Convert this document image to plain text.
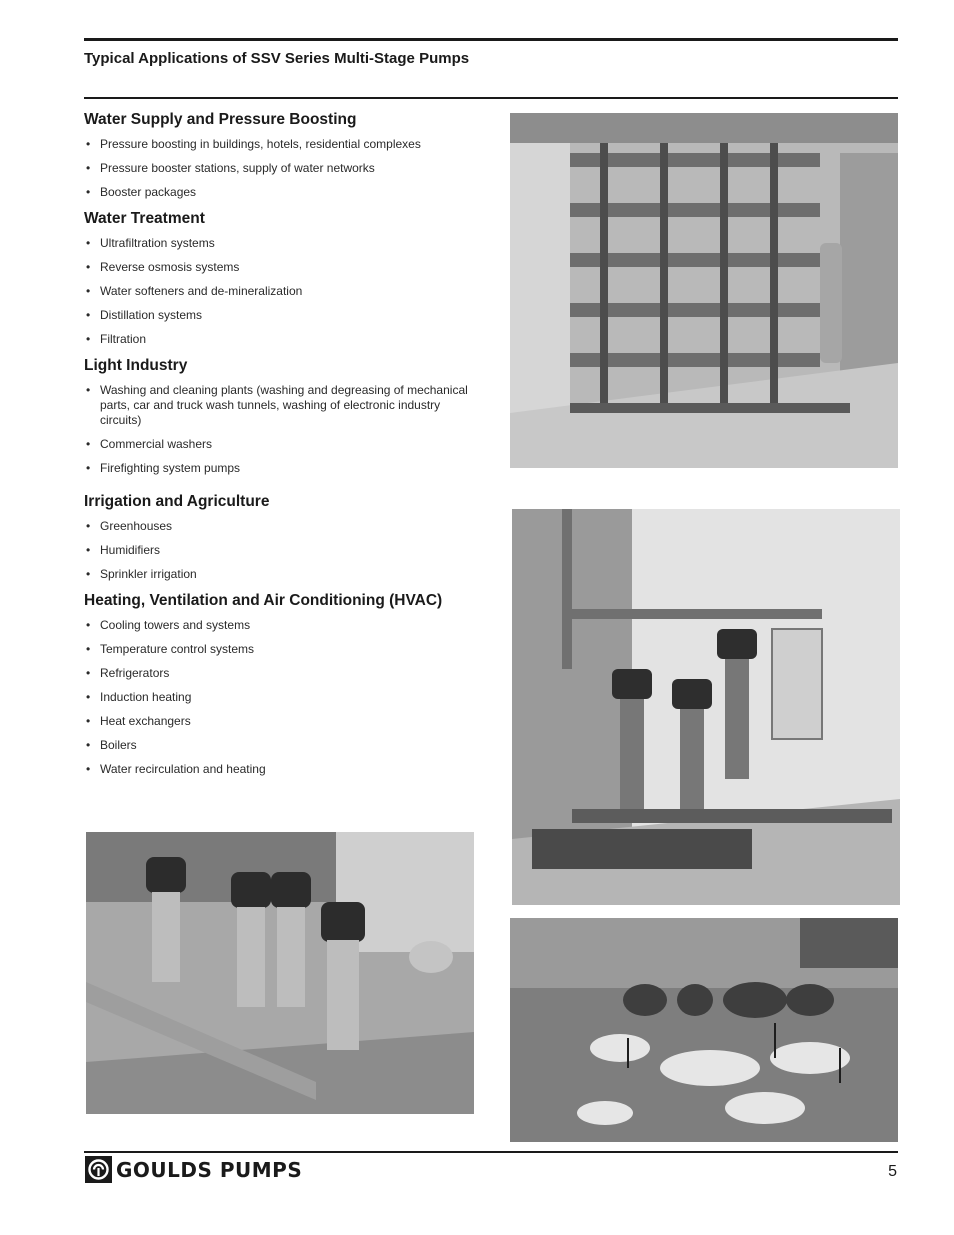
Typical Applications of SSV Series Multi-Stage Pumps
Water Supply and Pressure Boosting
• Pressure boosting in buildings, hotels, residential complexes
• Pressure booster stations, supply of water networks
• Booster packages
Water Treatment
• Ultrafiltration systems
• Reverse osmosis systems
• Water softeners and de-mineralization
• Distillation systems
• Filtration
Light Industry
• Washing and cleaning plants (washing and degreasing of mechanical parts, car and truck wash tunnels, washing of electronic industry circuits)
• Commercial washers
• Firefighting system pumps
Irrigation and Agriculture
• Greenhouses
• Humidifiers
• Sprinkler irrigation
Heating, Ventilation and Air Conditioning (HVAC)
• Cooling towers and systems
• Temperature control systems
• Refrigerators
• Induction heating
• Heat exchangers
• Boilers
• Water recirculation and heating
GOULDS PUMPS	5
